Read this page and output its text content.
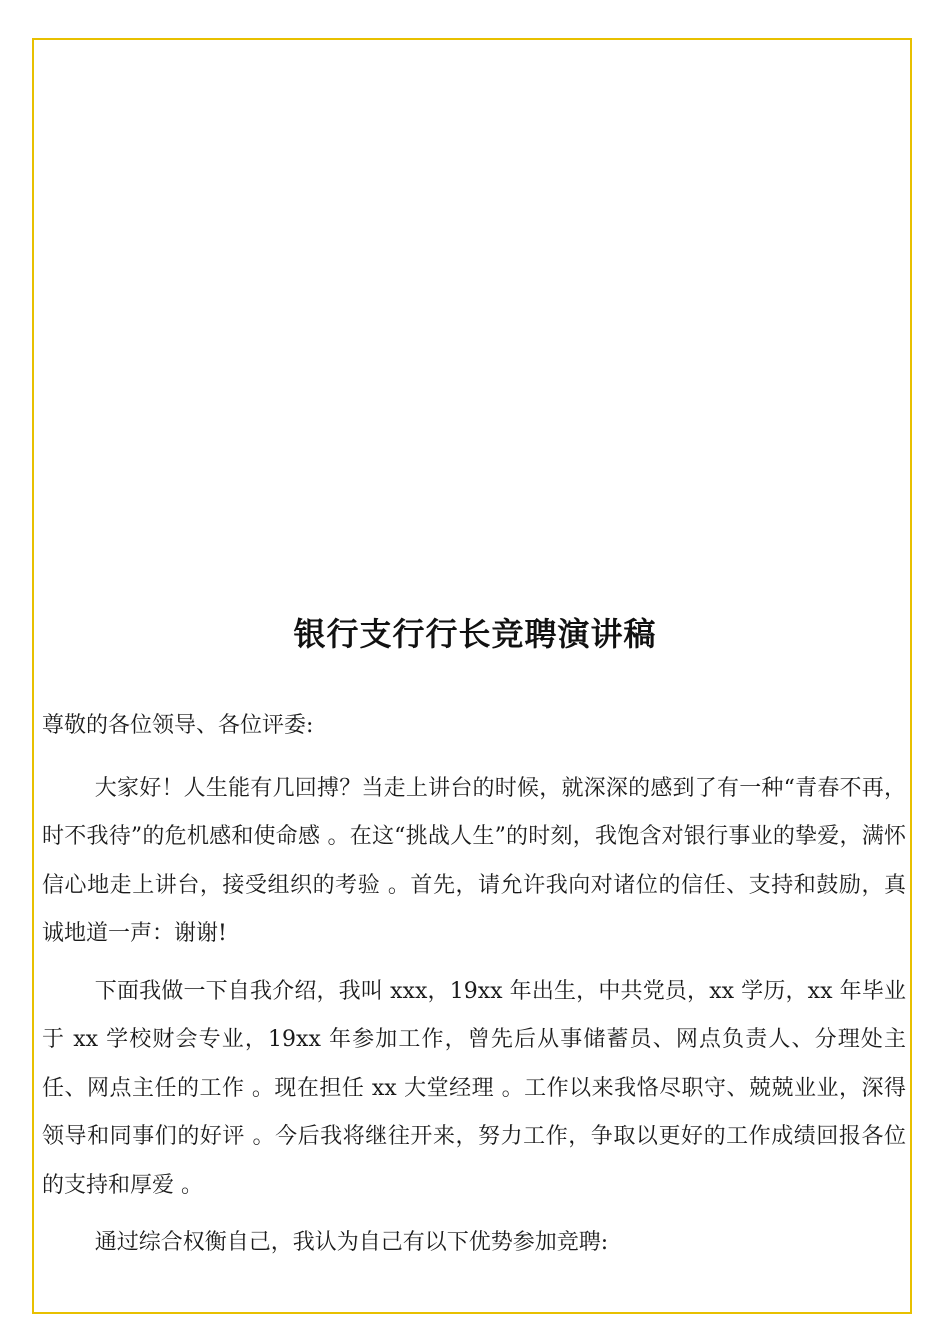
银行支行行长竞聘演讲稿

尊敬的各位领导、各位评委:

大家好！人生能有几回搏？当走上讲台的时候，就深深的感到了有一种“青春不再，时不我待”的危机感和使命感 。在这“挑战人生”的时刻，我饱含对银行事业的挚爱，满怀信心地走上讲台，接受组织的考验 。首先，请允许我向对诸位的信任、支持和鼓励，真诚地道一声：谢谢!

下面我做一下自我介绍，我叫 xxx，19xx 年出生，中共党员，xx 学历，xx 年毕业于 xx 学校财会专业，19xx 年参加工作，曾先后从事储蓄员、网点负责人、分理处主任、网点主任的工作 。现在担任 xx 大堂经理 。工作以来我恪尽职守、兢兢业业，深得领导和同事们的好评 。今后我将继往开来，努力工作，争取以更好的工作成绩回报各位的支持和厚爱 。

通过综合权衡自己，我认为自己有以下优势参加竞聘:
